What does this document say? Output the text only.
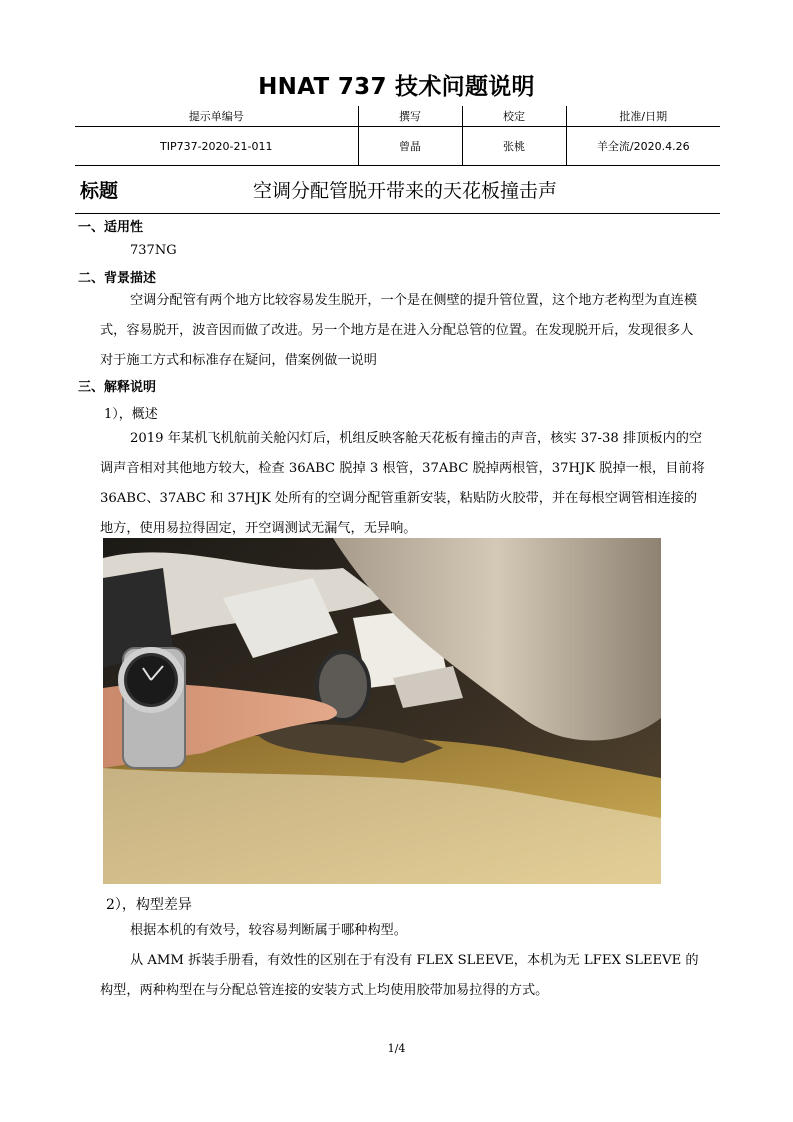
HNAT 737 技术问题说明
提示单编号	撰写	校定	批准/日期
TIP737-2020-21-011	曾晶	张桃	羊全流/2020.4.26
标题	空调分配管脱开带来的天花板撞击声
一、适用性
737NG
二、背景描述
空调分配管有两个地方比较容易发生脱开，一个是在侧壁的提升管位置，这个地方老构型为直连模式，容易脱开，波音因而做了改进。另一个地方是在进入分配总管的位置。在发现脱开后，发现很多人对于施工方式和标准存在疑问，借案例做一说明
三、解释说明
1），概述
2019 年某机飞机航前关舱闪灯后，机组反映客舱天花板有撞击的声音，核实 37-38 排顶板内的空调声音相对其他地方较大，检查 36ABC 脱掉 3 根管，37ABC 脱掉两根管，37HJK 脱掉一根，目前将 36ABC、37ABC 和 37HJK 处所有的空调分配管重新安装，粘贴防火胶带，并在每根空调管相连接的地方，使用易拉得固定，开空调测试无漏气，无异响。
2），构型差异
根据本机的有效号，较容易判断属于哪种构型。
从 AMM 拆装手册看，有效性的区别在于有没有 FLEX SLEEVE，本机为无 LFEX SLEEVE 的构型，两种构型在与分配总管连接的安装方式上均使用胶带加易拉得的方式。
1/4
